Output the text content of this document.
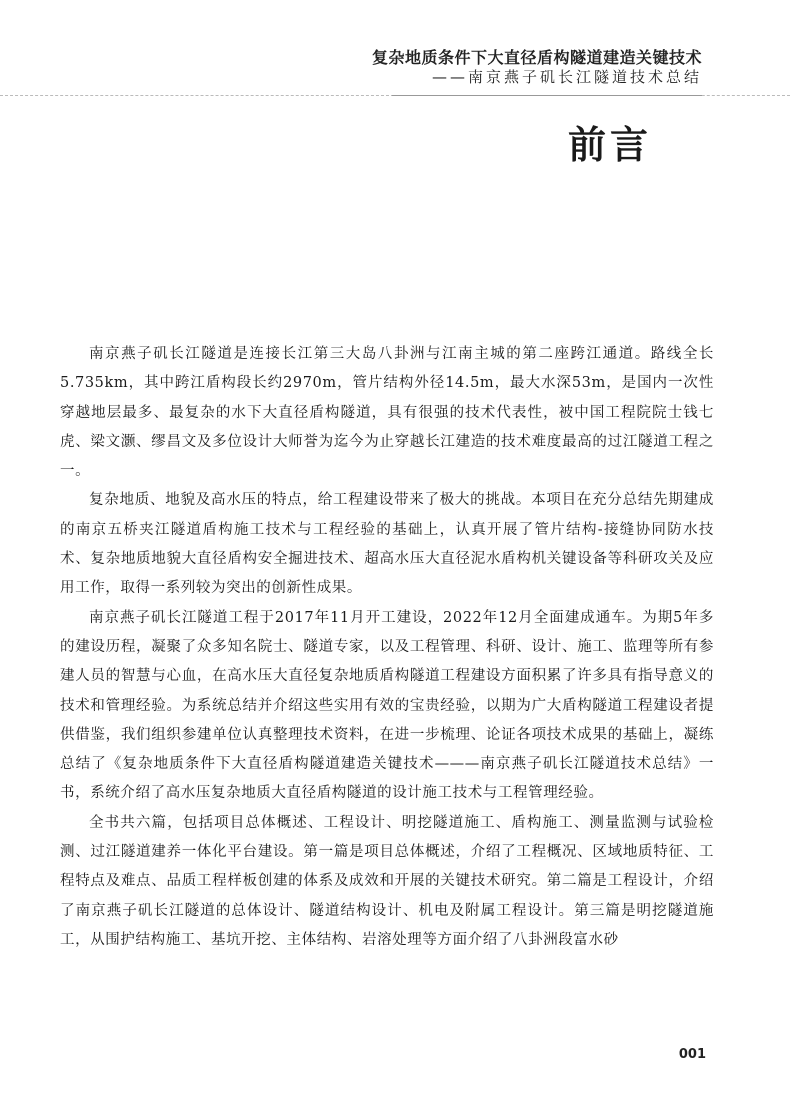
复杂地质条件下大直径盾构隧道建造关键技术
——南京燕子矶长江隧道技术总结
前言

南京燕子矶长江隧道是连接长江第三大岛八卦洲与江南主城的第二座跨江通道。路线全长5.735km，其中跨江盾构段长约2970m，管片结构外径14.5m，最大水深53m，是国内一次性穿越地层最多、最复杂的水下大直径盾构隧道，具有很强的技术代表性，被中国工程院院士钱七虎、梁文灏、缪昌文及多位设计大师誉为迄今为止穿越长江建造的技术难度最高的过江隧道工程之一。

复杂地质、地貌及高水压的特点，给工程建设带来了极大的挑战。本项目在充分总结先期建成的南京五桥夹江隧道盾构施工技术与工程经验的基础上，认真开展了管片结构-接缝协同防水技术、复杂地质地貌大直径盾构安全掘进技术、超高水压大直径泥水盾构机关键设备等科研攻关及应用工作，取得一系列较为突出的创新性成果。

南京燕子矶长江隧道工程于2017年11月开工建设，2022年12月全面建成通车。为期5年多的建设历程，凝聚了众多知名院士、隧道专家，以及工程管理、科研、设计、施工、监理等所有参建人员的智慧与心血，在高水压大直径复杂地质盾构隧道工程建设方面积累了许多具有指导意义的技术和管理经验。为系统总结并介绍这些实用有效的宝贵经验，以期为广大盾构隧道工程建设者提供借鉴，我们组织参建单位认真整理技术资料，在进一步梳理、论证各项技术成果的基础上，凝练总结了《复杂地质条件下大直径盾构隧道建造关键技术———南京燕子矶长江隧道技术总结》一书，系统介绍了高水压复杂地质大直径盾构隧道的设计施工技术与工程管理经验。

全书共六篇，包括项目总体概述、工程设计、明挖隧道施工、盾构施工、测量监测与试验检测、过江隧道建养一体化平台建设。第一篇是项目总体概述，介绍了工程概况、区域地质特征、工程特点及难点、品质工程样板创建的体系及成效和开展的关键技术研究。第二篇是工程设计，介绍了南京燕子矶长江隧道的总体设计、隧道结构设计、机电及附属工程设计。第三篇是明挖隧道施工，从围护结构施工、基坑开挖、主体结构、岩溶处理等方面介绍了八卦洲段富水砂

001
